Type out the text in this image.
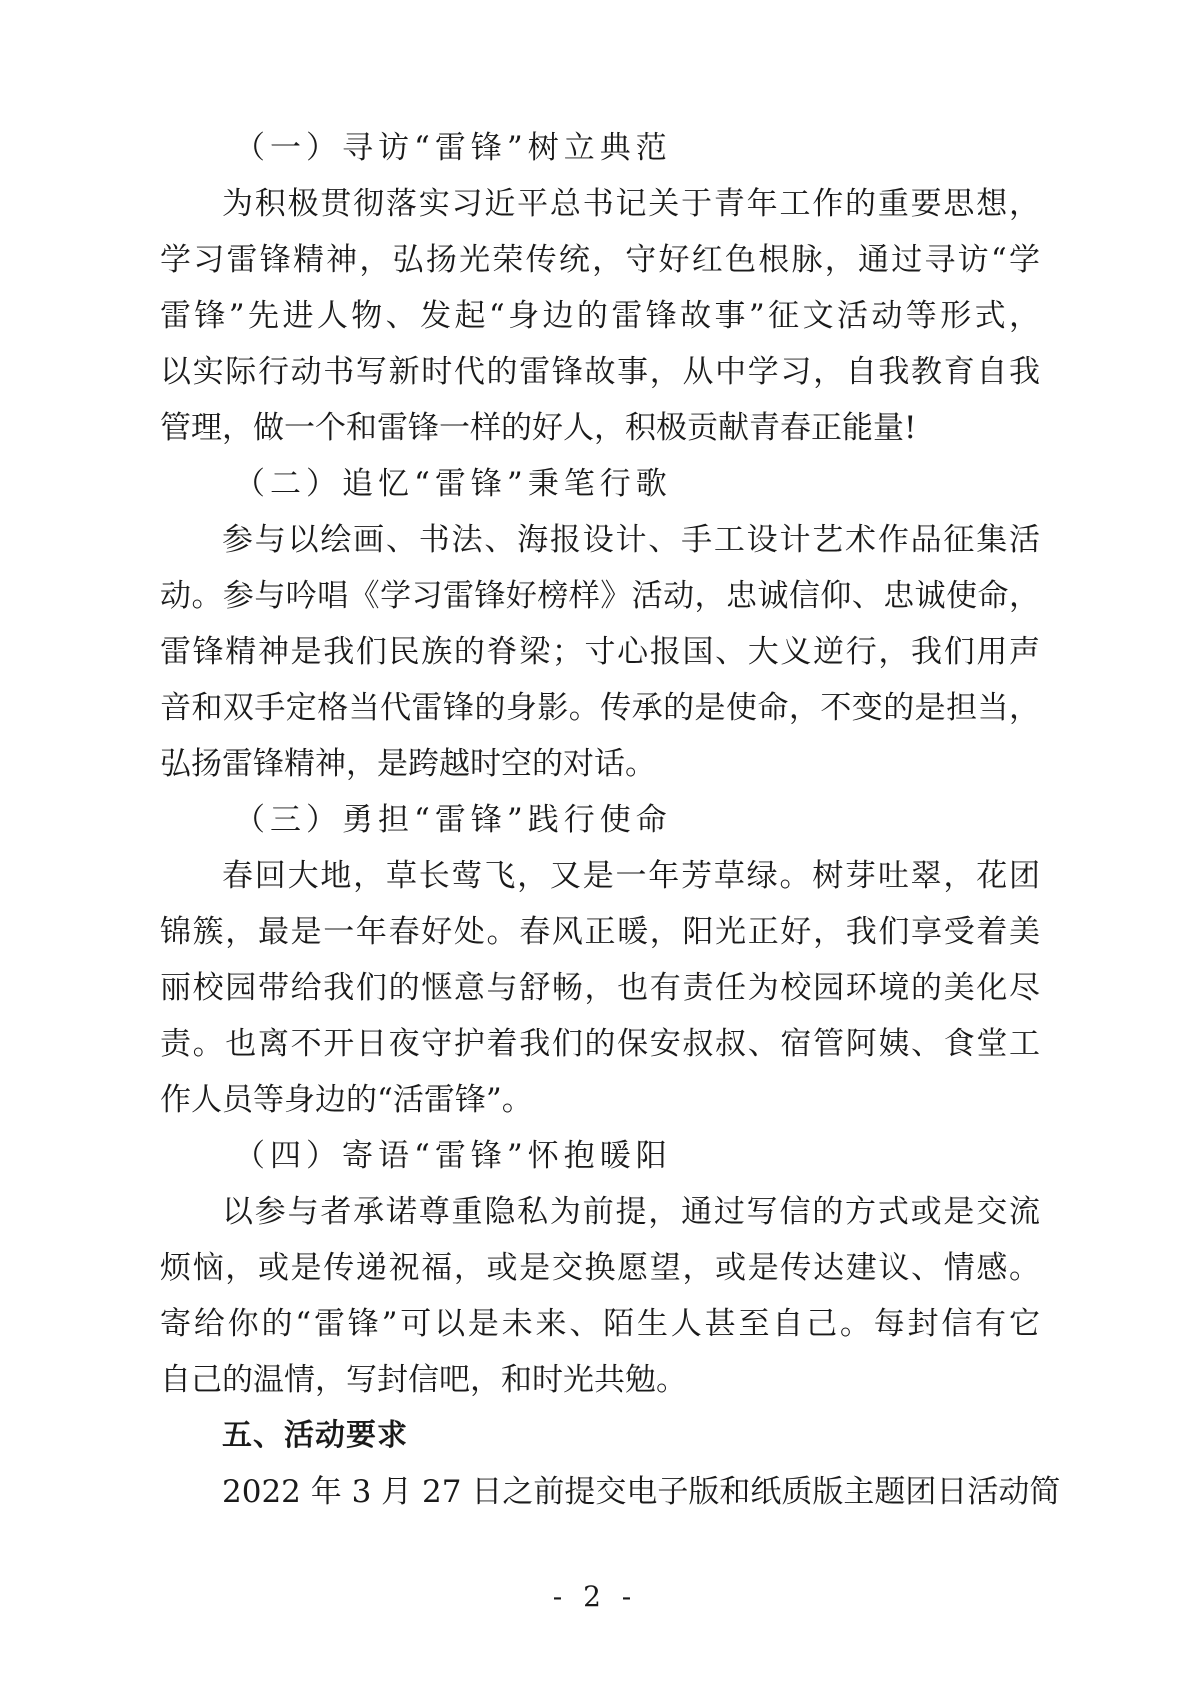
（一）寻访“雷锋”树立典范
为积极贯彻落实习近平总书记关于青年工作的重要思想，
学习雷锋精神，弘扬光荣传统，守好红色根脉，通过寻访“学
雷锋”先进人物、发起“身边的雷锋故事”征文活动等形式，
以实际行动书写新时代的雷锋故事，从中学习，自我教育自我
管理，做一个和雷锋一样的好人，积极贡献青春正能量!
（二）追忆“雷锋”秉笔行歌
参与以绘画、书法、海报设计、手工设计艺术作品征集活
动。参与吟唱《学习雷锋好榜样》活动，忠诚信仰、忠诚使命，
雷锋精神是我们民族的脊梁；寸心报国、大义逆行，我们用声
音和双手定格当代雷锋的身影。传承的是使命，不变的是担当，
弘扬雷锋精神，是跨越时空的对话。
（三）勇担“雷锋”践行使命
春回大地，草长莺飞，又是一年芳草绿。树芽吐翠，花团
锦簇，最是一年春好处。春风正暖，阳光正好，我们享受着美
丽校园带给我们的惬意与舒畅，也有责任为校园环境的美化尽
责。也离不开日夜守护着我们的保安叔叔、宿管阿姨、食堂工
作人员等身边的“活雷锋”。
（四）寄语“雷锋”怀抱暖阳
以参与者承诺尊重隐私为前提，通过写信的方式或是交流
烦恼，或是传递祝福，或是交换愿望，或是传达建议、情感。
寄给你的“雷锋”可以是未来、陌生人甚至自己。每封信有它
自己的温情，写封信吧，和时光共勉。
五、活动要求
2022 年 3 月 27 日之前提交电子版和纸质版主题团日活动简
- 2 -
